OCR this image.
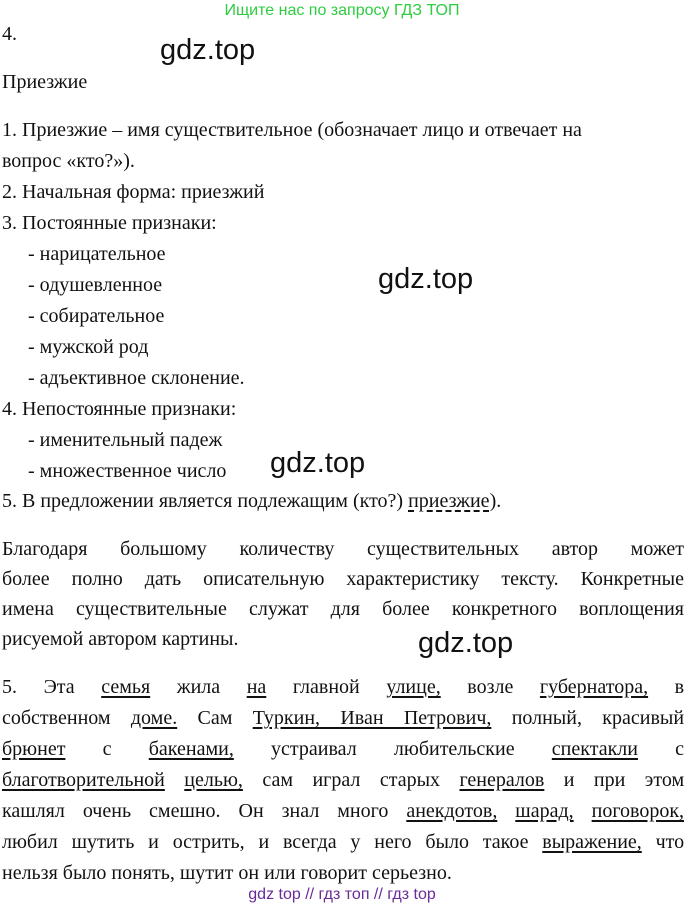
Ищите нас по запросу ГДЗ ТОП
gdz.top
gdz.top
gdz.top
gdz.top
4.
Приезжие
1. Приезжие – имя существительное (обозначает лицо и отвечает на
вопрос «кто?»).
2. Начальная форма: приезжий
3. Постоянные признаки:
- нарицательное
- одушевленное
- собирательное
- мужской род
- адъективное склонение.
4. Непостоянные признаки:
- именительный падеж
- множественное число
5. В предложении является подлежащим (кто?) приезжие).
Благодаря большому количеству существительных автор может
более полно дать описательную характеристику тексту. Конкретные
имена существительные служат для более конкретного воплощения
рисуемой автором картины.
5. Эта семья жила на главной улице, возле губернатора, в
собственном доме. Сам Туркин, Иван Петрович, полный, красивый
брюнет с бакенами, устраивал любительские спектакли с
благотворительной целью, сам играл старых генералов и при этом
кашлял очень смешно. Он знал много анекдотов, шарад, поговорок,
любил шутить и острить, и всегда у него было такое выражение, что
нельзя было понять, шутит он или говорит серьезно.
gdz top // гдз топ // гдз top
